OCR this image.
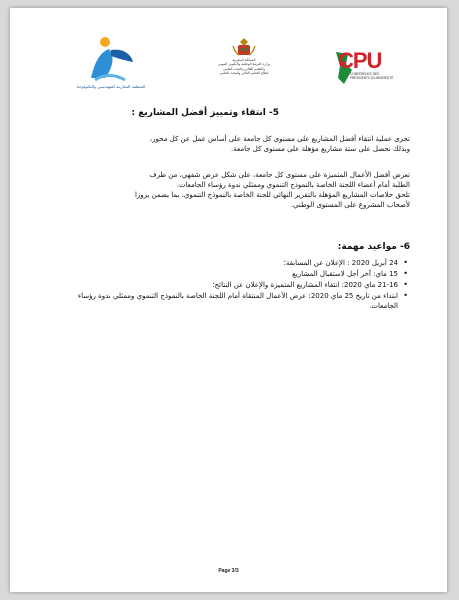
المنظمة المغاربية للمهندسين والتكنولوجيا
المملكة المغربية
وزارة التربية الوطنية والتكوين المهني
والتعليم العالي والبحث العلمي
قطاع التعليم العالي والبحث العلمي
CPU
CONFÉRENCE DES PRÉSIDENTS D'UNIVERSITÉ
5- انتقاء وتمييز أفضل المشاريع :
تجرى عملية انتقاء أفضل المشاريع على مستوى كل جامعة على أساس عمل عن كل محور،
وبذلك نحصل على ستة مشاريع مؤهلة على مستوى كل جامعة.
تعرض أفضل الأعمال المتميزة على مستوى كل جامعة، على شكل عرض شفهي، من طرف
الطلبة أمام أعضاء اللجنة الخاصة بالنموذج التنموي وممثلي ندوة رؤساء الجامعات.
تلحق خلاصات المشاريع المؤهلة بالتقرير النهائي للجنة الخاصة بالنموذج التنموي، بما يضمن بروزا
لأصحاب المشروع على المستوى الوطني.
6- مواعيد مهمة:
• 24 أبريل 2020 : الإعلان عن المسابقة؛
• 15 ماي: آخر أجل لاستقبال المشاريع
• 21-16 ماي 2020: انتقاء المشاريع المتميزة والإعلان عن النتائج؛
• ابتداء من تاريخ 25 ماي 2020: عرض الأعمال المنتقاة أمام اللجنة الخاصة بالنموذج التنموي وممثلي ندوة رؤساء الجامعات.
Page 3/3
